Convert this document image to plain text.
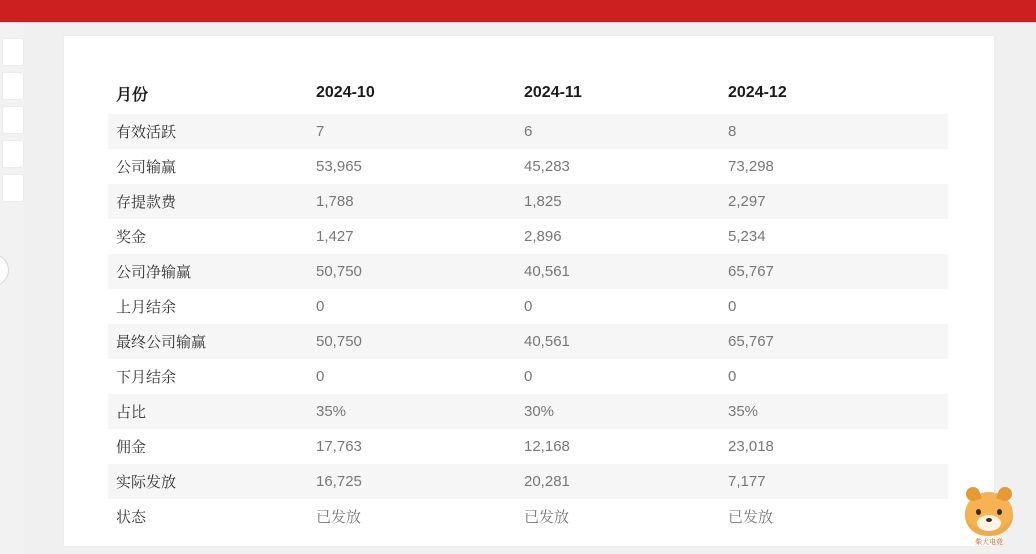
月份	2024-10	2024-11	2024-12
有效活跃	7	6	8
公司输赢	53,965	45,283	73,298
存提款费	1,788	1,825	2,297
奖金	1,427	2,896	5,234
公司净输赢	50,750	40,561	65,767
上月结余	0	0	0
最终公司输赢	50,750	40,561	65,767
下月结余	0	0	0
占比	35%	30%	35%
佣金	17,763	12,168	23,018
实际发放	16,725	20,281	7,177
状态	已发放	已发放	已发放
柴犬电竞
